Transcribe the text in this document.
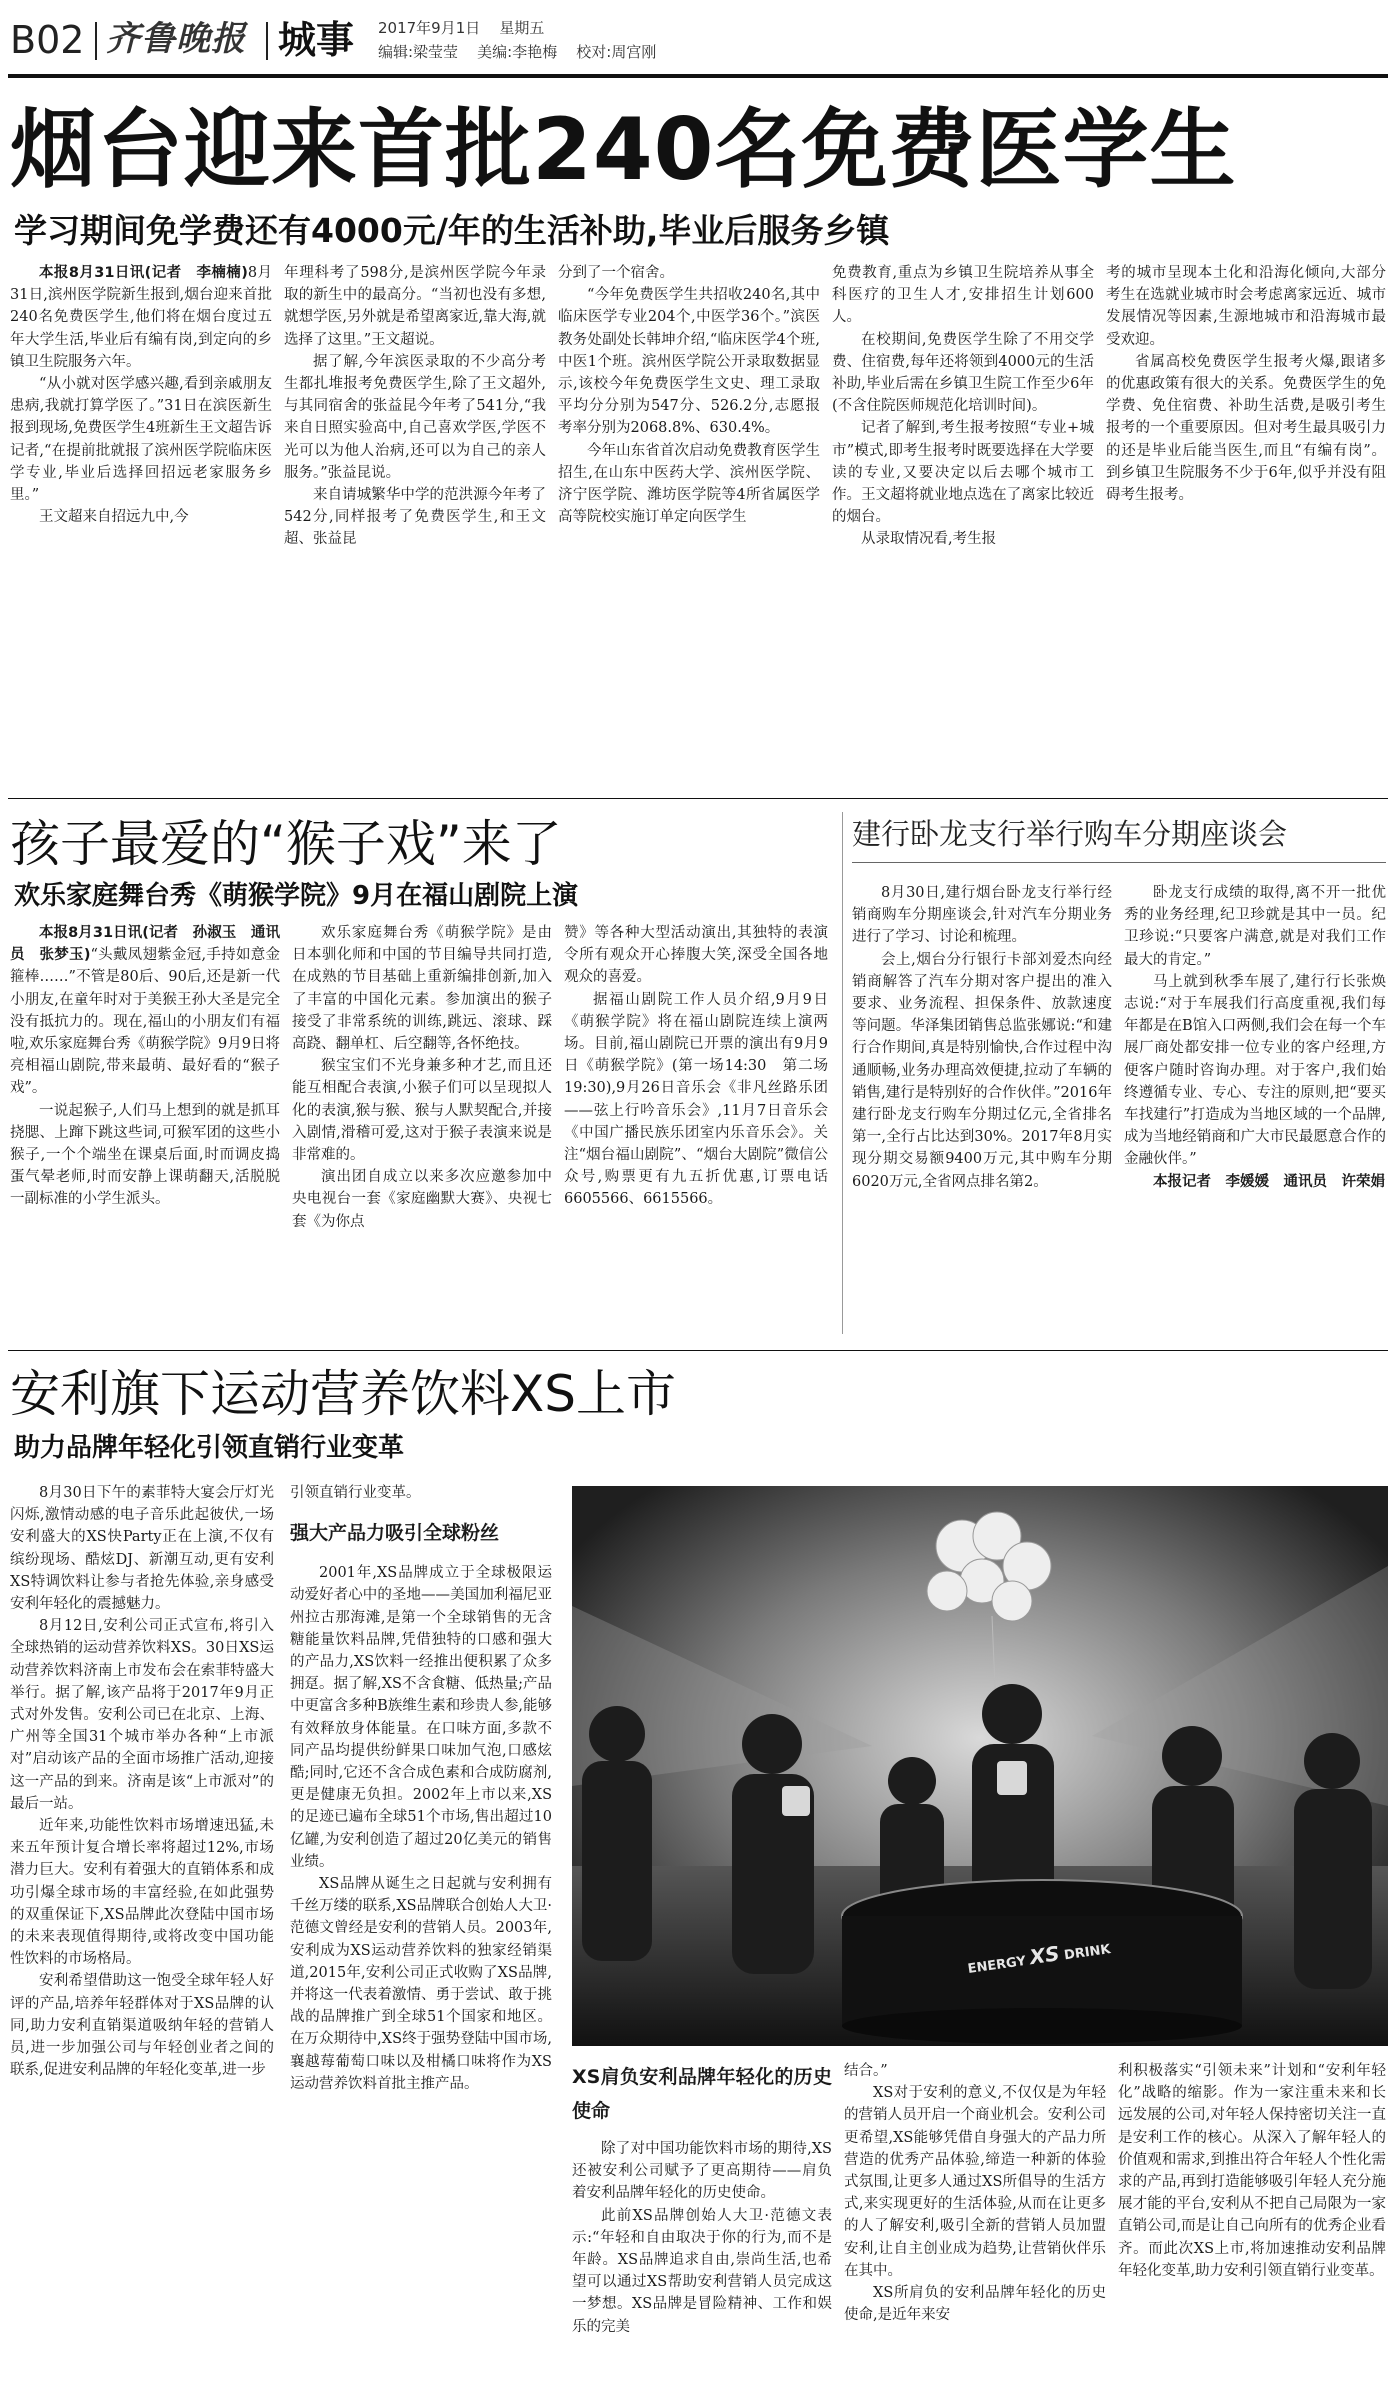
B02 齐鲁晚报 城事 2017年9月1日 星期五
编辑:梁莹莹 美编:李艳梅 校对:周宫刚
烟台迎来首批240名免费医学生
学习期间免学费还有4000元/年的生活补助,毕业后服务乡镇

本报8月31日讯(记者　李楠楠)8月31日,滨州医学院新生报到,烟台迎来首批240名免费医学生,他们将在烟台度过五年大学生活,毕业后有编有岗,到定向的乡镇卫生院服务六年。

“从小就对医学感兴趣,看到亲戚朋友患病,我就打算学医了。”31日在滨医新生报到现场,免费医学生4班新生王文超告诉记者,“在提前批就报了滨州医学院临床医学专业,毕业后选择回招远老家服务乡里。”

王文超来自招远九中,今

年理科考了598分,是滨州医学院今年录取的新生中的最高分。“当初也没有多想,就想学医,另外就是希望离家近,靠大海,就选择了这里。”王文超说。

据了解,今年滨医录取的不少高分考生都扎堆报考免费医学生,除了王文超外,与其同宿舍的张益昆今年考了541分,“我来自日照实验高中,自己喜欢学医,学医不光可以为他人治病,还可以为自己的亲人服务。”张益昆说。

来自请城繁华中学的范洪源今年考了542分,同样报考了免费医学生,和王文超、张益昆

分到了一个宿舍。

“今年免费医学生共招收240名,其中临床医学专业204个,中医学36个。”滨医教务处副处长韩坤介绍,“临床医学4个班,中医1个班。滨州医学院公开录取数据显示,该校今年免费医学生文史、理工录取平均分分别为547分、526.2分,志愿报考率分别为2068.8%、630.4%。

今年山东省首次启动免费教育医学生招生,在山东中医药大学、滨州医学院、济宁医学院、潍坊医学院等4所省属医学高等院校实施订单定向医学生

免费教育,重点为乡镇卫生院培养从事全科医疗的卫生人才,安排招生计划600人。

在校期间,免费医学生除了不用交学费、住宿费,每年还将领到4000元的生活补助,毕业后需在乡镇卫生院工作至少6年(不含住院医师规范化培训时间)。

记者了解到,考生报考按照“专业+城市”模式,即考生报考时既要选择在大学要读的专业,又要决定以后去哪个城市工作。王文超将就业地点选在了离家比较近的烟台。

从录取情况看,考生报

考的城市呈现本土化和沿海化倾向,大部分考生在选就业城市时会考虑离家远近、城市发展情况等因素,生源地城市和沿海城市最受欢迎。

省属高校免费医学生报考火爆,跟诸多的优惠政策有很大的关系。免费医学生的免学费、免住宿费、补助生活费,是吸引考生报考的一个重要原因。但对考生最具吸引力的还是毕业后能当医生,而且“有编有岗”。到乡镇卫生院服务不少于6年,似乎并没有阻碍考生报考。

孩子最爱的“猴子戏”来了
欢乐家庭舞台秀《萌猴学院》9月在福山剧院上演

本报8月31日讯(记者　孙淑玉　通讯员　张梦玉)“头戴凤翅紫金冠,手持如意金箍棒……”不管是80后、90后,还是新一代小朋友,在童年时对于美猴王孙大圣是完全没有抵抗力的。现在,福山的小朋友们有福啦,欢乐家庭舞台秀《萌猴学院》9月9日将亮相福山剧院,带来最萌、最好看的“猴子戏”。

一说起猴子,人们马上想到的就是抓耳挠腮、上蹿下跳这些词,可猴军团的这些小猴子,一个个端坐在课桌后面,时而调皮捣蛋气晕老师,时而安静上课萌翻天,活脱脱一副标准的小学生派头。

欢乐家庭舞台秀《萌猴学院》是由日本驯化师和中国的节目编导共同打造,在成熟的节目基础上重新编排创新,加入了丰富的中国化元素。参加演出的猴子接受了非常系统的训练,跳远、滚球、踩高跷、翻单杠、后空翻等,各怀绝技。

猴宝宝们不光身兼多种才艺,而且还能互相配合表演,小猴子们可以呈现拟人化的表演,猴与猴、猴与人默契配合,并接入剧情,滑稽可爱,这对于猴子表演来说是非常难的。

演出团自成立以来多次应邀参加中央电视台一套《家庭幽默大赛》、央视七套《为你点

赞》等各种大型活动演出,其独特的表演令所有观众开心捧腹大笑,深受全国各地观众的喜爱。

据福山剧院工作人员介绍,9月9日《萌猴学院》将在福山剧院连续上演两场。目前,福山剧院已开票的演出有9月9日《萌猴学院》(第一场14:30　第二场19:30),9月26日音乐会《非凡丝路乐团——弦上行吟音乐会》,11月7日音乐会《中国广播民族乐团室内乐音乐会》。关注“烟台福山剧院”、“烟台大剧院”微信公众号,购票更有九五折优惠,订票电话6605566、6615566。

建行卧龙支行举行购车分期座谈会

8月30日,建行烟台卧龙支行举行经销商购车分期座谈会,针对汽车分期业务进行了学习、讨论和梳理。

会上,烟台分行银行卡部刘爱杰向经销商解答了汽车分期对客户提出的准入要求、业务流程、担保条件、放款速度等问题。华泽集团销售总监张娜说:“和建行合作期间,真是特别愉快,合作过程中沟通顺畅,业务办理高效便捷,拉动了车辆的销售,建行是特别好的合作伙伴。”2016年建行卧龙支行购车分期过亿元,全省排名第一,全行占比达到30%。2017年8月实现分期交易额9400万元,其中购车分期6020万元,全省网点排名第2。

卧龙支行成绩的取得,离不开一批优秀的业务经理,纪卫珍就是其中一员。纪卫珍说:“只要客户满意,就是对我们工作最大的肯定。”

马上就到秋季车展了,建行行长张焕志说:“对于车展我们行高度重视,我们每年都是在B馆入口两侧,我们会在每一个车展厂商处都安排一位专业的客户经理,方便客户随时咨询办理。对于客户,我们始终遵循专业、专心、专注的原则,把“要买车找建行”打造成为当地区域的一个品牌,成为当地经销商和广大市民最愿意合作的金融伙伴。”

本报记者　李媛媛　通讯员　许荣娟

安利旗下运动营养饮料XS上市
助力品牌年轻化引领直销行业变革

8月30日下午的素菲特大宴会厅灯光闪烁,激情动感的电子音乐此起彼伏,一场安利盛大的XS快Party正在上演,不仅有缤纷现场、酷炫DJ、新潮互动,更有安利XS特调饮料让参与者抢先体验,亲身感受安利年轻化的震撼魅力。

8月12日,安利公司正式宣布,将引入全球热销的运动营养饮料XS。30日XS运动营养饮料济南上市发布会在索菲特盛大举行。据了解,该产品将于2017年9月正式对外发售。安利公司已在北京、上海、广州等全国31个城市举办各种“上市派对”启动该产品的全面市场推广活动,迎接这一产品的到来。济南是该“上市派对”的最后一站。

近年来,功能性饮料市场增速迅猛,未来五年预计复合增长率将超过12%,市场潜力巨大。安利有着强大的直销体系和成功引爆全球市场的丰富经验,在如此强势的双重保证下,XS品牌此次登陆中国市场的未来表现值得期待,或将改变中国功能性饮料的市场格局。

安利希望借助这一饱受全球年轻人好评的产品,培养年轻群体对于XS品牌的认同,助力安利直销渠道吸纳年轻的营销人员,进一步加强公司与年轻创业者之间的联系,促进安利品牌的年轻化变革,进一步

引领直销行业变革。

强大产品力吸引全球粉丝

2001年,XS品牌成立于全球极限运动爱好者心中的圣地——美国加利福尼亚州拉古那海滩,是第一个全球销售的无含糖能量饮料品牌,凭借独特的口感和强大的产品力,XS饮料一经推出便积累了众多拥趸。据了解,XS不含食糖、低热量;产品中更富含多种B族维生素和珍贵人参,能够有效释放身体能量。在口味方面,多款不同产品均提供纷鲜果口味加气泡,口感炫酷;同时,它还不含合成色素和合成防腐剂,更是健康无负担。2002年上市以来,XS的足迹已遍布全球51个市场,售出超过10亿罐,为安利创造了超过20亿美元的销售业绩。

XS品牌从诞生之日起就与安利拥有千丝万缕的联系,XS品牌联合创始人大卫·范德文曾经是安利的营销人员。2003年,安利成为XS运动营养饮料的独家经销渠道,2015年,安利公司正式收购了XS品牌,并将这一代表着激情、勇于尝试、敢于挑战的品牌推广到全球51个国家和地区。在万众期待中,XS终于强势登陆中国市场,襄越莓葡萄口味以及柑橘口味将作为XS运动营养饮料首批主推产品。

ENERGY XS DRINK
XS肩负安利品牌年轻化的历史使命

除了对中国功能饮料市场的期待,XS还被安利公司赋予了更高期待——肩负着安利品牌年轻化的历史使命。

此前XS品牌创始人大卫·范德文表示:“年轻和自由取决于你的行为,而不是年龄。XS品牌追求自由,崇尚生活,也希望可以通过XS帮助安利营销人员完成这一梦想。XS品牌是冒险精神、工作和娱乐的完美

结合。”

XS对于安利的意义,不仅仅是为年轻的营销人员开启一个商业机会。安利公司更希望,XS能够凭借自身强大的产品力所营造的优秀产品体验,缔造一种新的体验式氛围,让更多人通过XS所倡导的生活方式,来实现更好的生活体验,从而在让更多的人了解安利,吸引全新的营销人员加盟安利,让自主创业成为趋势,让营销伙伴乐在其中。

XS所肩负的安利品牌年轻化的历史使命,是近年来安

利积极落实“引领未来”计划和“安利年轻化”战略的缩影。作为一家注重未来和长远发展的公司,对年轻人保持密切关注一直是安利工作的核心。从深入了解年轻人的价值观和需求,到推出符合年轻人个性化需求的产品,再到打造能够吸引年轻人充分施展才能的平台,安利从不把自己局限为一家直销公司,而是让自己向所有的优秀企业看齐。而此次XS上市,将加速推动安利品牌年轻化变革,助力安利引领直销行业变革。
